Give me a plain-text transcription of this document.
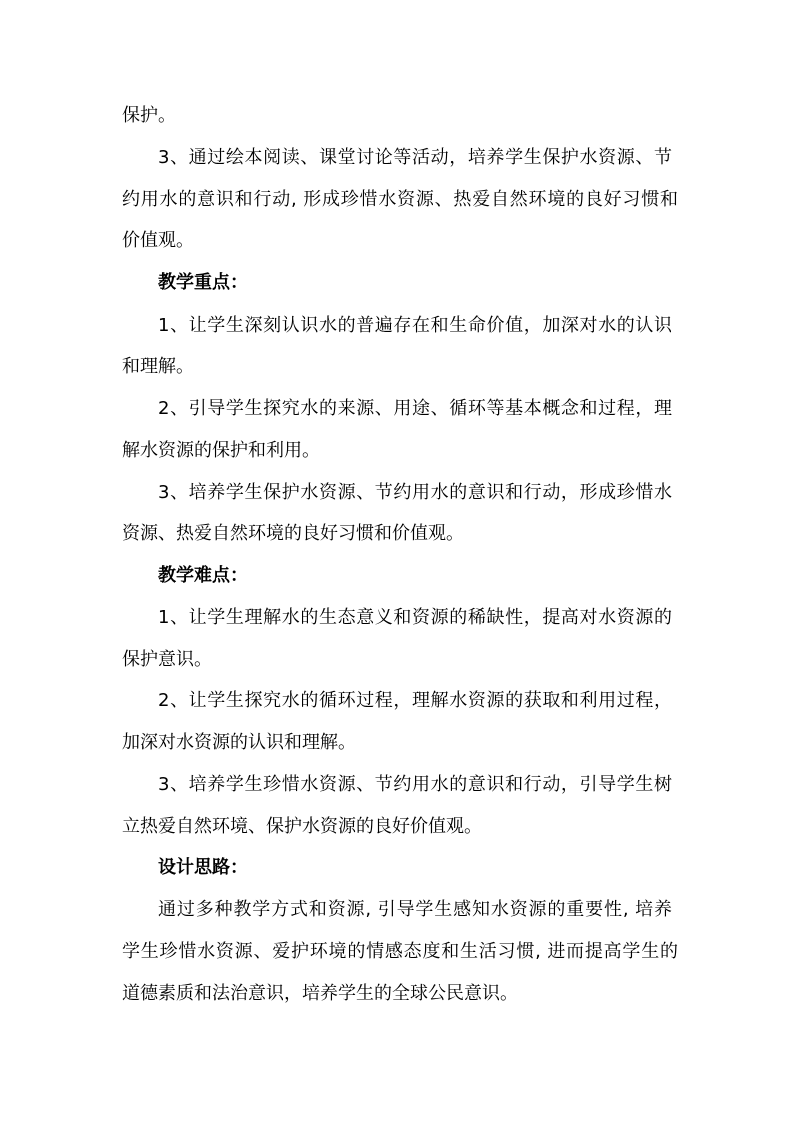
保护。

3、通过绘本阅读、课堂讨论等活动，培养学生保护水资源、节

约用水的意识和行动, 形成珍惜水资源、热爱自然环境的良好习惯和

价值观。

教学重点：

1、让学生深刻认识水的普遍存在和生命价值，加深对水的认识

和理解。

2、引导学生探究水的来源、用途、循环等基本概念和过程，理

解水资源的保护和利用。

3、培养学生保护水资源、节约用水的意识和行动，形成珍惜水

资源、热爱自然环境的良好习惯和价值观。

教学难点：

1、让学生理解水的生态意义和资源的稀缺性，提高对水资源的

保护意识。

2、让学生探究水的循环过程，理解水资源的获取和利用过程，

加深对水资源的认识和理解。

3、培养学生珍惜水资源、节约用水的意识和行动，引导学生树

立热爱自然环境、保护水资源的良好价值观。

设计思路：

通过多种教学方式和资源, 引导学生感知水资源的重要性, 培养

学生珍惜水资源、爱护环境的情感态度和生活习惯, 进而提高学生的

道德素质和法治意识，培养学生的全球公民意识。
